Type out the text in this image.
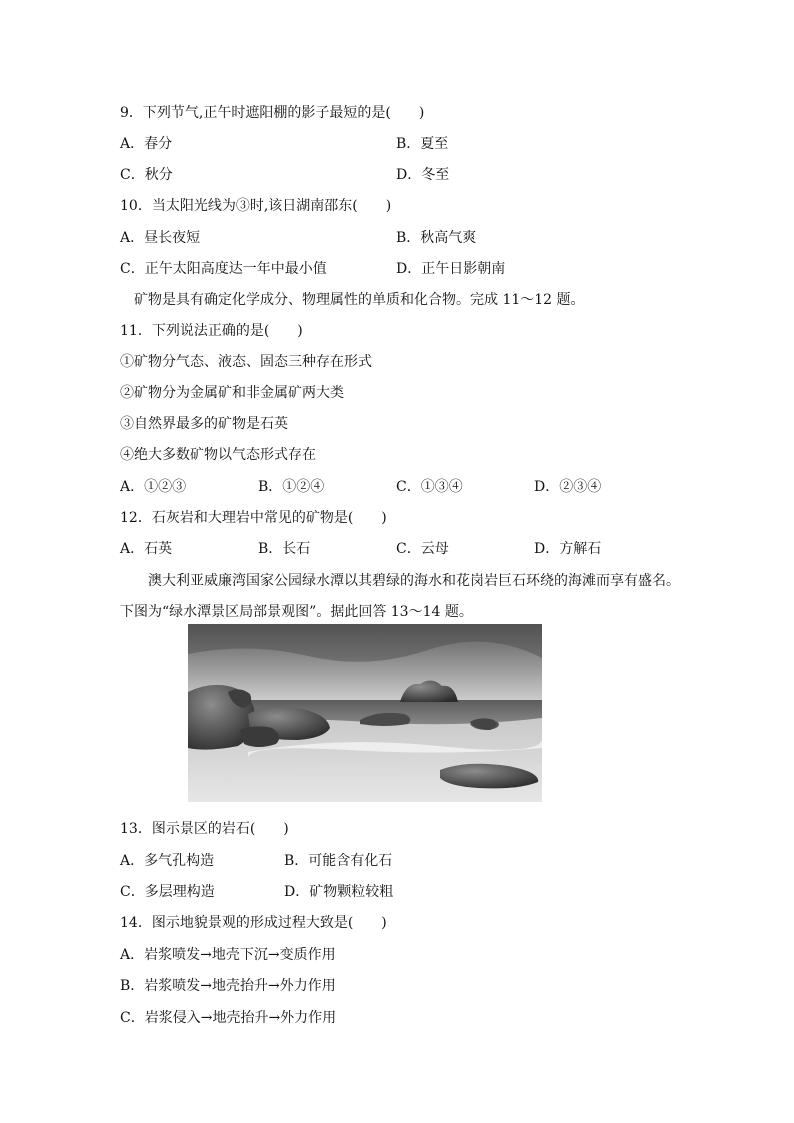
9．下列节气,正午时遮阳棚的影子最短的是(　　)
A．春分	B．夏至
C．秋分	D．冬至
10．当太阳光线为③时,该日湖南邵东(　　)
A．昼长夜短	B．秋高气爽
C．正午太阳高度达一年中最小值	D．正午日影朝南
矿物是具有确定化学成分、物理属性的单质和化合物。完成 11～12 题。
11．下列说法正确的是(　　)
①矿物分气态、液态、固态三种存在形式
②矿物分为金属矿和非金属矿两大类
③自然界最多的矿物是石英
④绝大多数矿物以气态形式存在
A．①②③	B．①②④	C．①③④	D．②③④
12．石灰岩和大理岩中常见的矿物是(　　)
A．石英	B．长石	C．云母	D．方解石
澳大利亚威廉湾国家公园绿水潭以其碧绿的海水和花岗岩巨石环绕的海滩而享有盛名。
下图为“绿水潭景区局部景观图”。据此回答 13～14 题。
13．图示景区的岩石(　　)
A．多气孔构造	B．可能含有化石
C．多层理构造	D．矿物颗粒较粗
14．图示地貌景观的形成过程大致是(　　)
A．岩浆喷发→地壳下沉→变质作用
B．岩浆喷发→地壳抬升→外力作用
C．岩浆侵入→地壳抬升→外力作用
